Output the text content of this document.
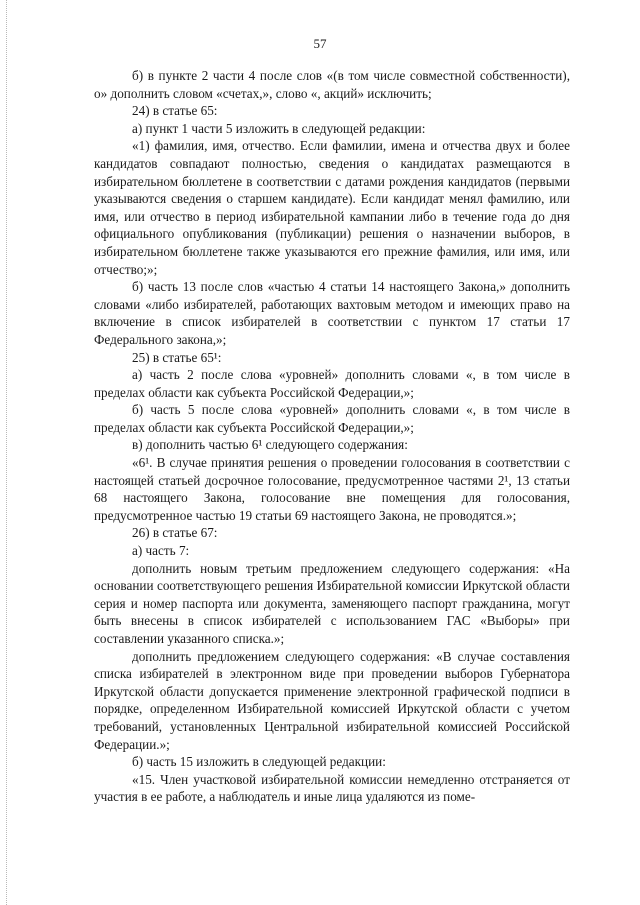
57

б) в пункте 2 части 4 после слов «(в том числе совместной собственности), о» дополнить словом «счетах,», слово «, акций» исключить;

24) в статье 65:

а) пункт 1 части 5 изложить в следующей редакции:

«1) фамилия, имя, отчество. Если фамилии, имена и отчества двух и более кандидатов совпадают полностью, сведения о кандидатах размещаются в избирательном бюллетене в соответствии с датами рождения кандидатов (первыми указываются сведения о старшем кандидате). Если кандидат менял фамилию, или имя, или отчество в период избирательной кампании либо в течение года до дня официального опубликования (публикации) решения о назначении выборов, в избирательном бюллетене также указываются его прежние фамилия, или имя, или отчество;»;

б) часть 13 после слов «частью 4 статьи 14 настоящего Закона,» дополнить словами «либо избирателей, работающих вахтовым методом и имеющих право на включение в список избирателей в соответствии с пунктом 17 статьи 17 Федерального закона,»;

25) в статье 65¹:

а) часть 2 после слова «уровней» дополнить словами «, в том числе в пределах области как субъекта Российской Федерации,»;

б) часть 5 после слова «уровней» дополнить словами «, в том числе в пределах области как субъекта Российской Федерации,»;

в) дополнить частью 6¹ следующего содержания:

«6¹. В случае принятия решения о проведении голосования в соответствии с настоящей статьей досрочное голосование, предусмотренное частями 2¹, 13 статьи 68 настоящего Закона, голосование вне помещения для голосования, предусмотренное частью 19 статьи 69 настоящего Закона, не проводятся.»;

26) в статье 67:

а) часть 7:

дополнить новым третьим предложением следующего содержания: «На основании соответствующего решения Избирательной комиссии Иркутской области серия и номер паспорта или документа, заменяющего паспорт гражданина, могут быть внесены в список избирателей с использованием ГАС «Выборы» при составлении указанного списка.»;

дополнить предложением следующего содержания: «В случае составления списка избирателей в электронном виде при проведении выборов Губернатора Иркутской области допускается применение электронной графической подписи в порядке, определенном Избирательной комиссией Иркутской области с учетом требований, установленных Центральной избирательной комиссией Российской Федерации.»;

б) часть 15 изложить в следующей редакции:

«15. Член участковой избирательной комиссии немедленно отстраняется от участия в ее работе, а наблюдатель и иные лица удаляются из поме-
